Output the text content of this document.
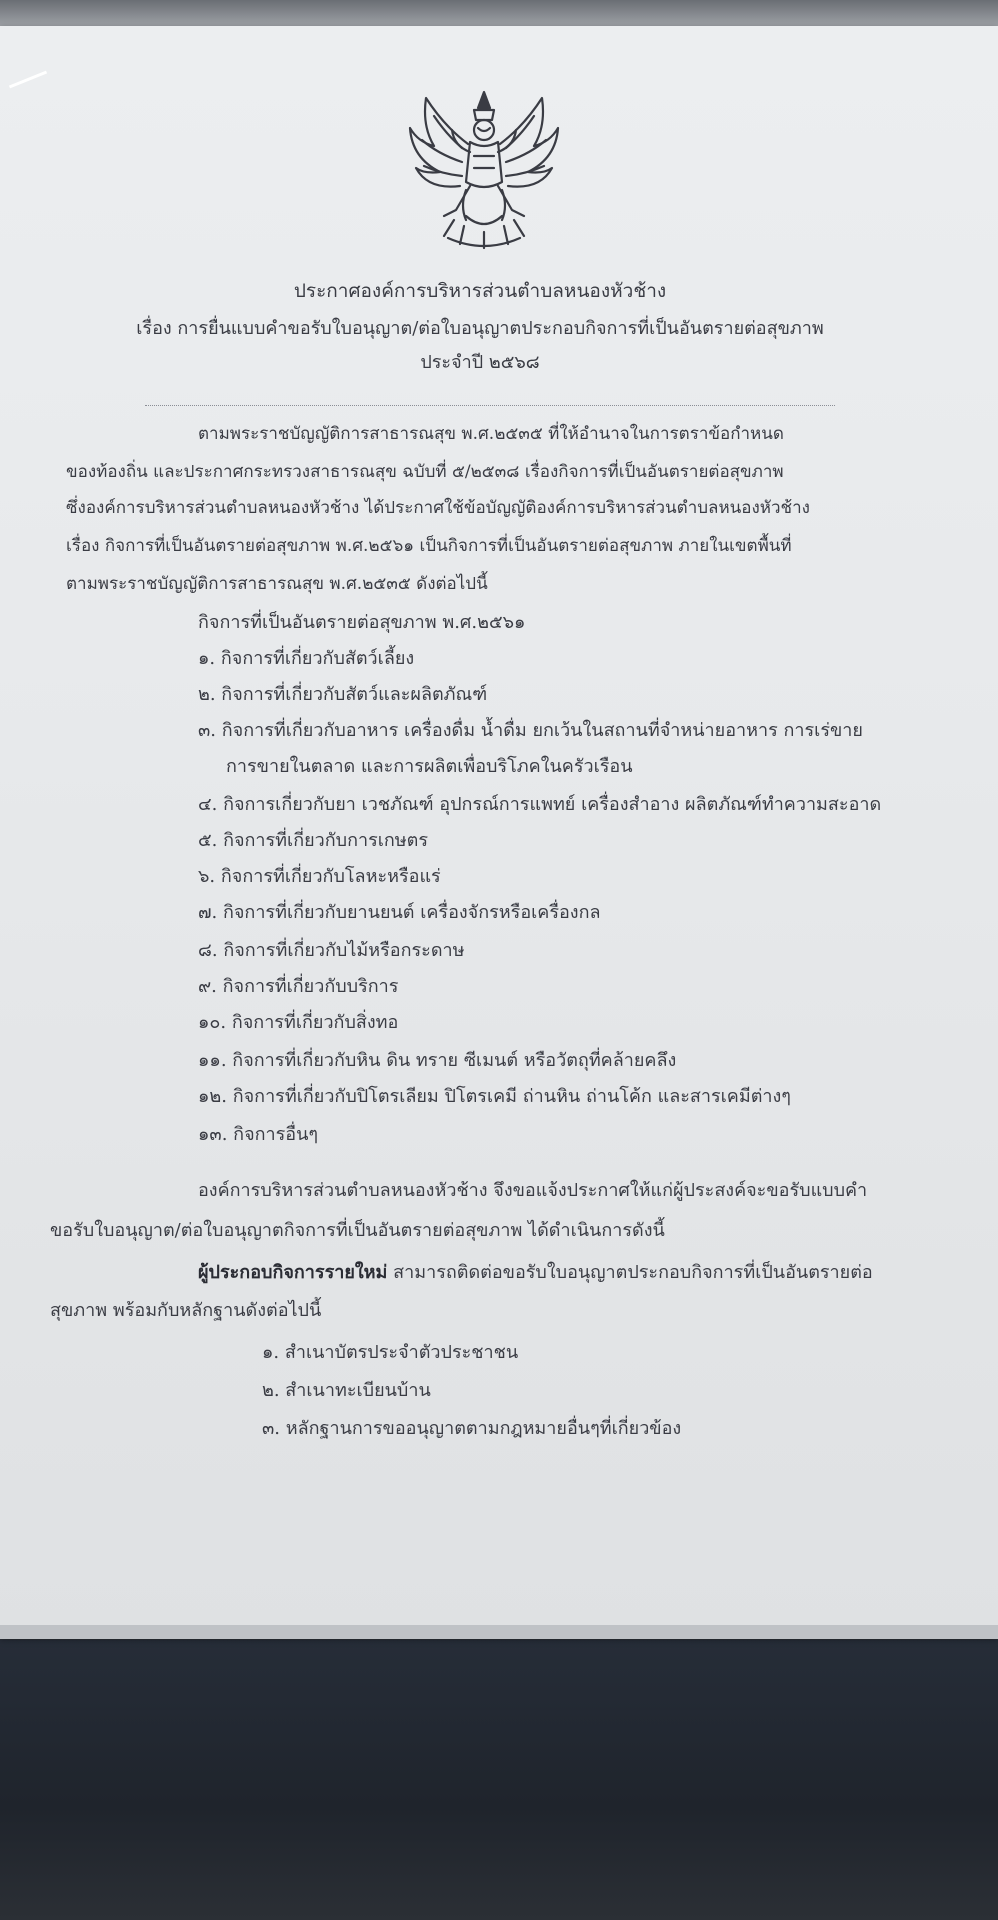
ประกาศองค์การบริหารส่วนตำบลหนองหัวช้าง
เรื่อง การยื่นแบบคำขอรับใบอนุญาต/ต่อใบอนุญาตประกอบกิจการที่เป็นอันตรายต่อสุขภาพ
ประจำปี ๒๕๖๘
ตามพระราชบัญญัติการสาธารณสุข พ.ศ.๒๕๓๕ ที่ให้อำนาจในการตราข้อกำหนด
ของท้องถิ่น และประกาศกระทรวงสาธารณสุข ฉบับที่ ๕/๒๕๓๘ เรื่องกิจการที่เป็นอันตรายต่อสุขภาพ
ซึ่งองค์การบริหารส่วนตำบลหนองหัวช้าง ได้ประกาศใช้ข้อบัญญัติองค์การบริหารส่วนตำบลหนองหัวช้าง
เรื่อง กิจการที่เป็นอันตรายต่อสุขภาพ พ.ศ.๒๕๖๑ เป็นกิจการที่เป็นอันตรายต่อสุขภาพ ภายในเขตพื้นที่
ตามพระราชบัญญัติการสาธารณสุข พ.ศ.๒๕๓๕ ดังต่อไปนี้
กิจการที่เป็นอันตรายต่อสุขภาพ พ.ศ.๒๕๖๑
๑. กิจการที่เกี่ยวกับสัตว์เลี้ยง
๒. กิจการที่เกี่ยวกับสัตว์และผลิตภัณฑ์
๓. กิจการที่เกี่ยวกับอาหาร เครื่องดื่ม น้ำดื่ม ยกเว้นในสถานที่จำหน่ายอาหาร การเร่ขาย
การขายในตลาด และการผลิตเพื่อบริโภคในครัวเรือน
๔. กิจการเกี่ยวกับยา เวชภัณฑ์ อุปกรณ์การแพทย์ เครื่องสำอาง ผลิตภัณฑ์ทำความสะอาด
๕. กิจการที่เกี่ยวกับการเกษตร
๖. กิจการที่เกี่ยวกับโลหะหรือแร่
๗. กิจการที่เกี่ยวกับยานยนต์ เครื่องจักรหรือเครื่องกล
๘. กิจการที่เกี่ยวกับไม้หรือกระดาษ
๙. กิจการที่เกี่ยวกับบริการ
๑๐. กิจการที่เกี่ยวกับสิ่งทอ
๑๑. กิจการที่เกี่ยวกับหิน ดิน ทราย ซีเมนต์ หรือวัตถุที่คล้ายคลึง
๑๒. กิจการที่เกี่ยวกับปิโตรเลียม ปิโตรเคมี ถ่านหิน ถ่านโค้ก และสารเคมีต่างๆ
๑๓. กิจการอื่นๆ
องค์การบริหารส่วนตำบลหนองหัวช้าง จึงขอแจ้งประกาศให้แก่ผู้ประสงค์จะขอรับแบบคำ
ขอรับใบอนุญาต/ต่อใบอนุญาตกิจการที่เป็นอันตรายต่อสุขภาพ ได้ดำเนินการดังนี้
ผู้ประกอบกิจการรายใหม่ สามารถติดต่อขอรับใบอนุญาตประกอบกิจการที่เป็นอันตรายต่อ
สุขภาพ พร้อมกับหลักฐานดังต่อไปนี้
๑. สำเนาบัตรประจำตัวประชาชน
๒. สำเนาทะเบียนบ้าน
๓. หลักฐานการขออนุญาตตามกฎหมายอื่นๆที่เกี่ยวข้อง
